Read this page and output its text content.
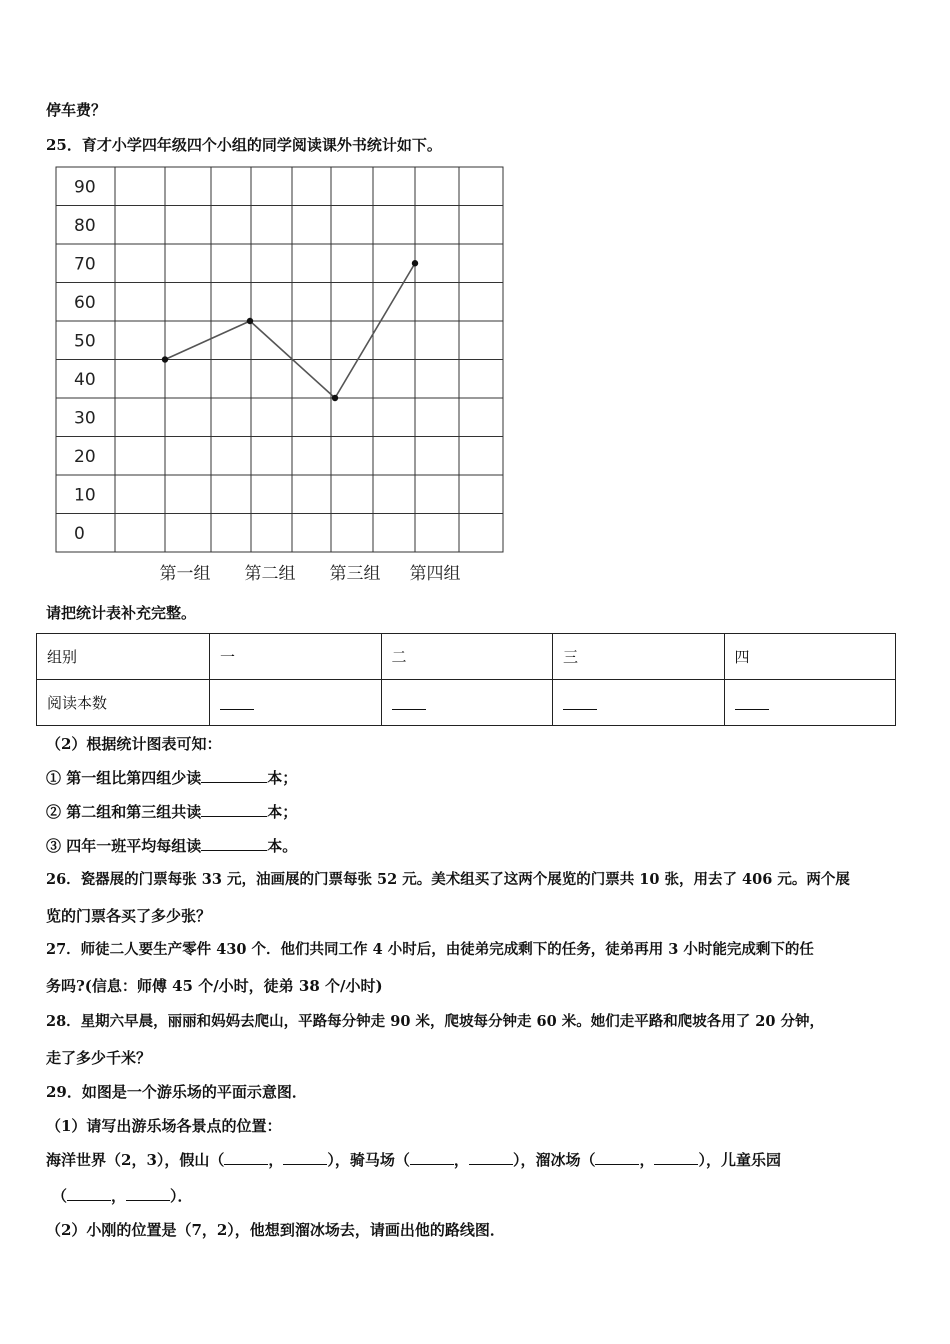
停车费？
25．育才小学四年级四个小组的同学阅读课外书统计如下。
90
80
70
60
50
40
30
20
10
0
第一组 第二组 第三组 第四组
请把统计表补充完整。
组别	一	二	三	四
阅读本数				
（2）根据统计图表可知：
① 第一组比第四组少读	本；
② 第二组和第三组共读	本；
③ 四年一班平均每组读	本。
26．瓷器展的门票每张 33 元，油画展的门票每张 52 元。美术组买了这两个展览的门票共 10 张，用去了 406 元。两个展
览的门票各买了多少张？
27．师徒二人要生产零件 430 个．他们共同工作 4 小时后，由徒弟完成剩下的任务，徒弟再用 3 小时能完成剩下的任
务吗?(信息：师傅 45 个/小时，徒弟 38 个/小时)
28．星期六早晨，丽丽和妈妈去爬山，平路每分钟走 90 米，爬坡每分钟走 60 米。她们走平路和爬坡各用了 20 分钟，
走了多少千米？
29．如图是一个游乐场的平面示意图．
（1）请写出游乐场各景点的位置：
海洋世界（2，3），假山（	，	），骑马场（	，	），溜冰场（	，	），儿童乐园
（	，	）．
（2）小刚的位置是（7，2），他想到溜冰场去，请画出他的路线图．
